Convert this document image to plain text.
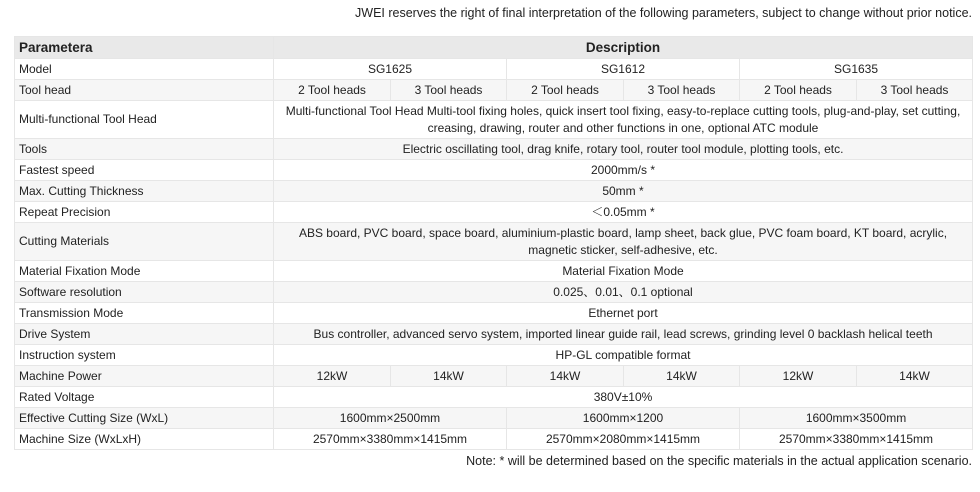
JWEI reserves the right of final interpretation of the following parameters, subject to change without prior notice.
Parametera	Description					
Model	SG1625		SG1612		SG1635	
Tool head	2 Tool heads	3 Tool heads	2 Tool heads	3 Tool heads	2 Tool heads	3 Tool heads
Multi-functional Tool Head	Multi-functional Tool Head Multi-tool fixing holes, quick insert tool fixing, easy-to-replace cutting tools, plug-and-play, set cutting, creasing, drawing, router and other functions in one, optional ATC module					
Tools	Electric oscillating tool, drag knife, rotary tool, router tool module, plotting tools, etc.					
Fastest speed	2000mm/s *					
Max. Cutting Thickness	50mm *					
Repeat Precision	＜0.05mm *					
Cutting Materials	ABS board, PVC board, space board, aluminium-plastic board, lamp sheet, back glue, PVC foam board, KT board, acrylic, magnetic sticker, self-adhesive, etc.					
Material Fixation Mode	Material Fixation Mode					
Software resolution	0.025、0.01、0.1 optional					
Transmission Mode	Ethernet port					
Drive System	Bus controller, advanced servo system, imported linear guide rail, lead screws, grinding level 0 backlash helical teeth					
Instruction system	HP-GL compatible format					
Machine Power	12kW	14kW	14kW	14kW	12kW	14kW
Rated Voltage	380V±10%					
Effective Cutting Size (WxL)	1600mm×2500mm		1600mm×1200		1600mm×3500mm	
Machine Size (WxLxH)	2570mm×3380mm×1415mm		2570mm×2080mm×1415mm		2570mm×3380mm×1415mm	
Note: * will be determined based on the specific materials in the actual application scenario.
